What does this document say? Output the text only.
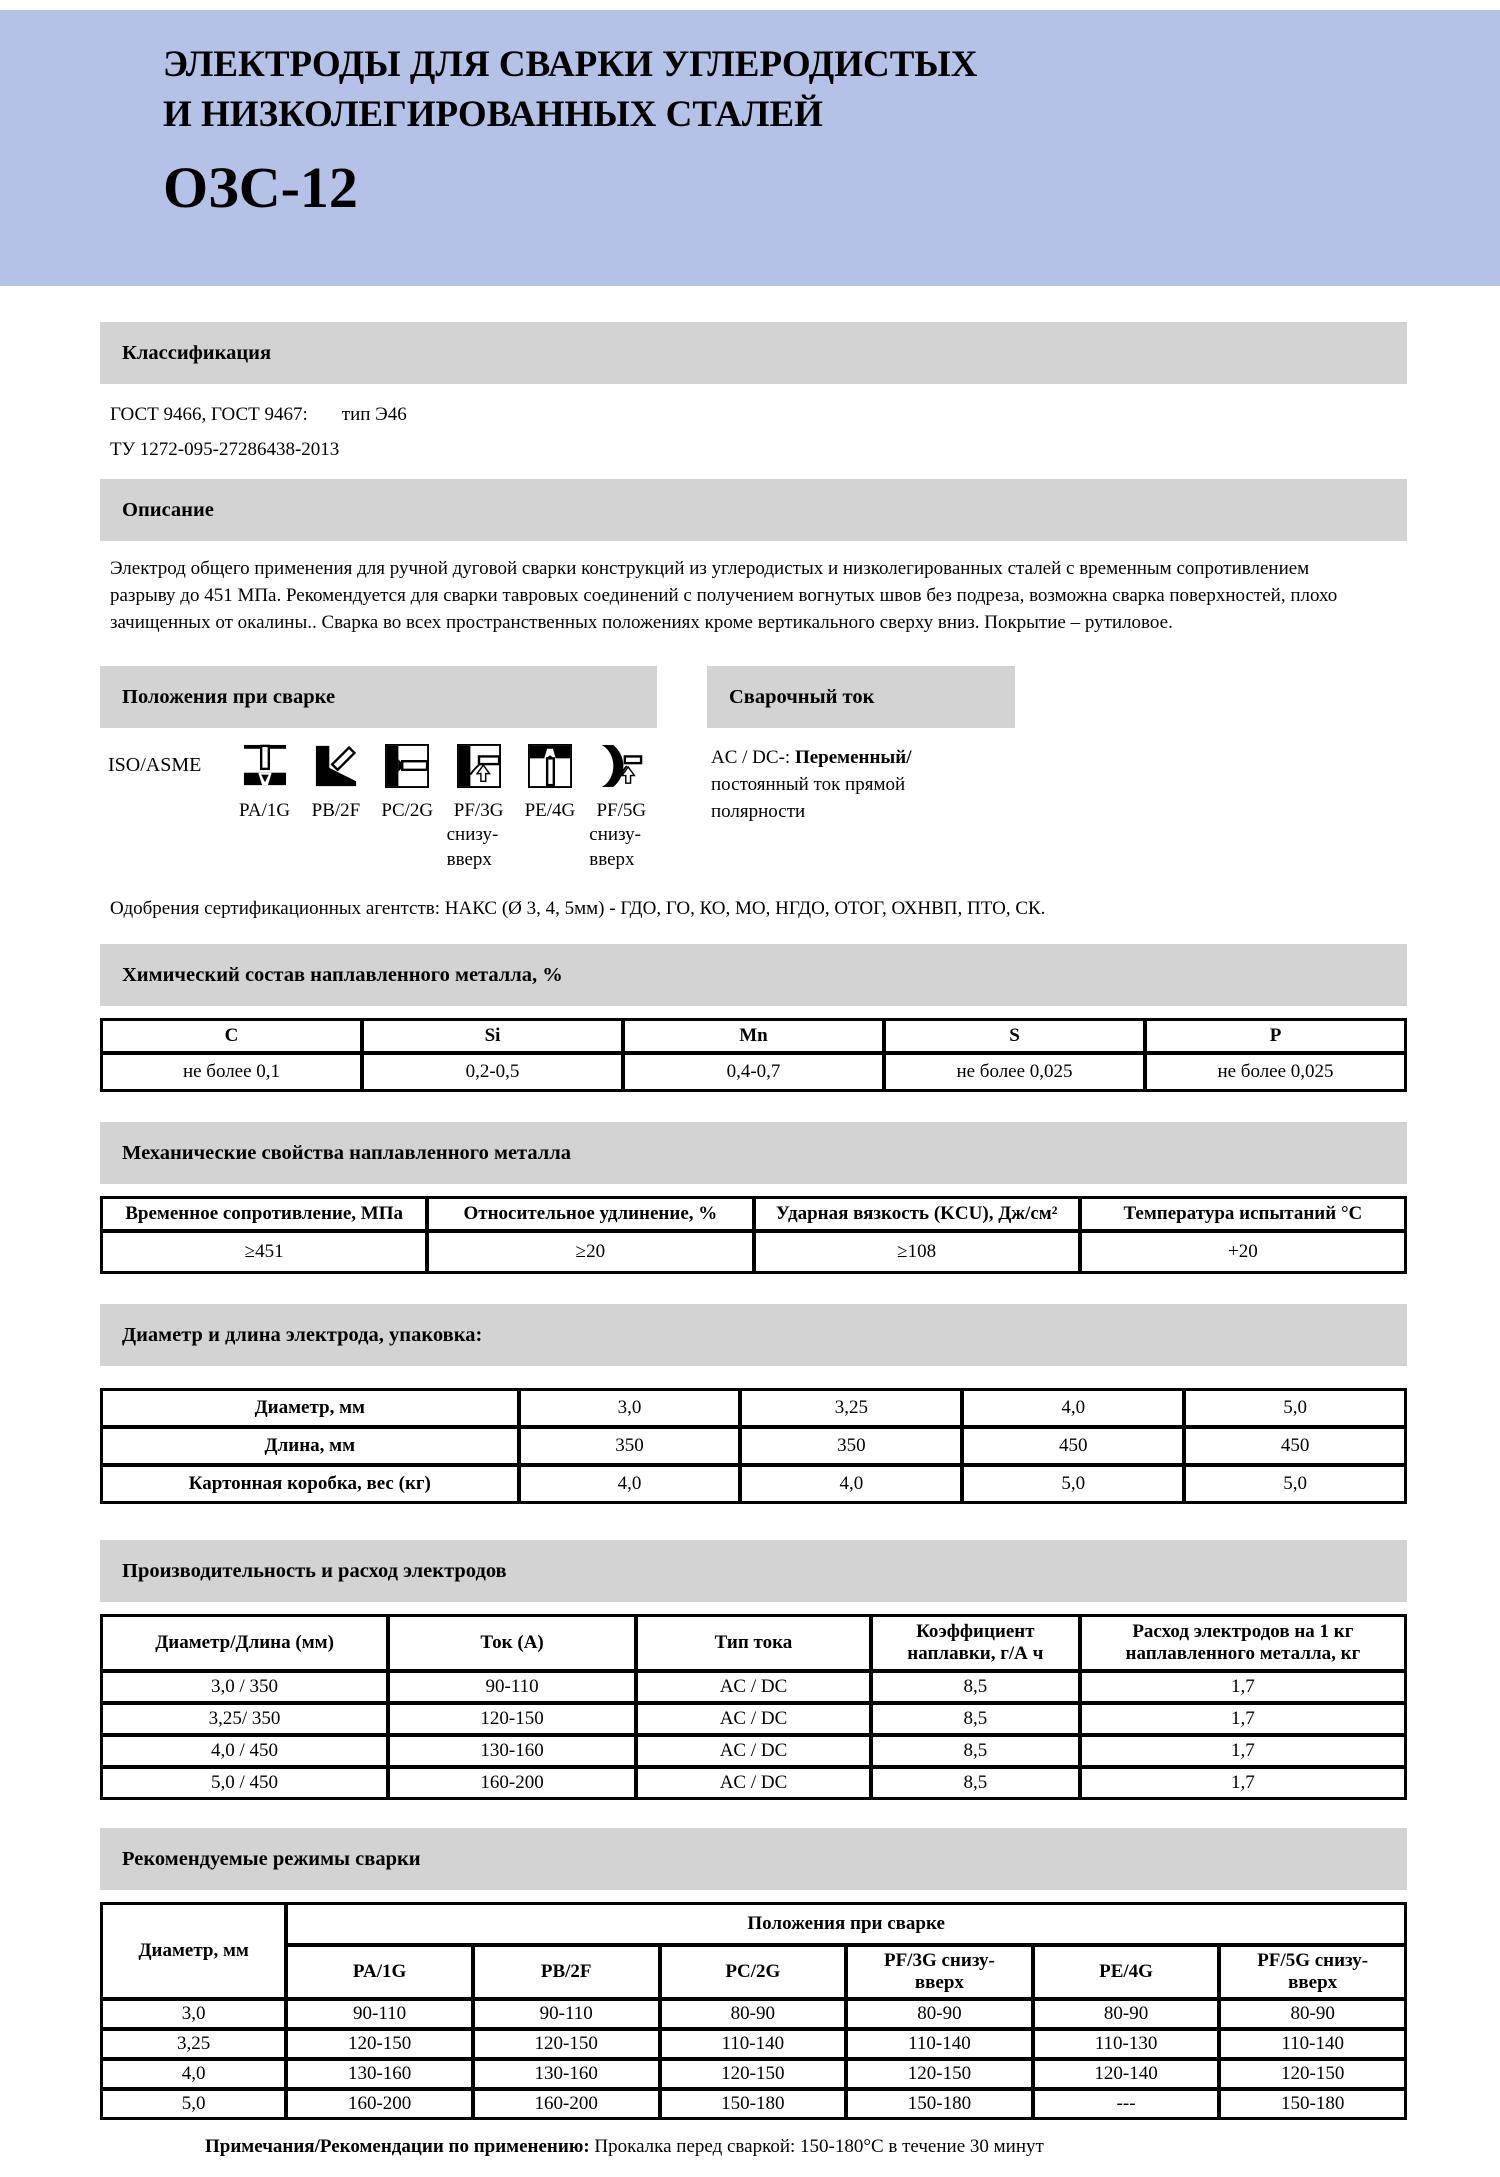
ЭЛЕКТРОДЫ ДЛЯ СВАРКИ УГЛЕРОДИСТЫХ И НИЗКОЛЕГИРОВАННЫХ СТАЛЕЙ
ОЗС-12
Классификация
ГОСТ 9466, ГОСТ 9467: тип Э46
ТУ 1272-095-27286438-2013
Описание

Электрод общего применения для ручной дуговой сварки конструкций из углеродистых и низколегированных сталей с временным сопротивлением разрыву до 451 МПа. Рекомендуется для сварки тавровых соединений с получением вогнутых швов без подреза, возможна сварка поверхностей, плохо зачищенных от окалины.. Сварка во всех пространственных положениях кроме вертикального сверху вниз. Покрытие – рутиловое.

Положения при сварке
ISO/ASME
PA/1G PB/2F PC/2G PF/3G
снизу-вверх
PE/4G PF/5G
снизу-вверх
Сварочный ток

AC / DC-: Переменный/ постоянный ток прямой полярности

Одобрения сертификационных агентств: НАКС (Ø 3, 4, 5мм) - ГДО, ГО, КО, МО, НГДО, ОТОГ, ОХНВП, ПТО, СК.
Химический состав наплавленного металла, %
C	Si	Mn	S	P
не более 0,1	0,2-0,5	0,4-0,7	не более 0,025	не более 0,025
Механические свойства наплавленного металла
Временное сопротивление, МПа	Относительное удлинение, %	Ударная вязкость (KCU), Дж/см²	Температура испытаний °C
≥451	≥20	≥108	+20
Диаметр и длина электрода, упаковка:
Диаметр, мм	3,0	3,25	4,0	5,0
Длина, мм	350	350	450	450
Картонная коробка, вес (кг)	4,0	4,0	5,0	5,0
Производительность и расход электродов
Диаметр/Длина (мм)	Ток (А)	Тип тока	Коэффициент наплавки, г/А ч	Расход электродов на 1 кг наплавленного металла, кг
3,0 / 350	90-110	AC / DC	8,5	1,7
3,25/ 350	120-150	AC / DC	8,5	1,7
4,0 / 450	130-160	AC / DC	8,5	1,7
5,0 / 450	160-200	AC / DC	8,5	1,7
Рекомендуемые режимы сварки
Диаметр, мм	Положения при сварке					
	PA/1G	PB/2F	PC/2G	PF/3G снизу-вверх	PE/4G	PF/5G снизу-вверх
3,0	90-110	90-110	80-90	80-90	80-90	80-90
3,25	120-150	120-150	110-140	110-140	110-130	110-140
4,0	130-160	130-160	120-150	120-150	120-140	120-150
5,0	160-200	160-200	150-180	150-180	---	150-180
Примечания/Рекомендации по применению: Прокалка перед сваркой: 150-180°C в течение 30 минут
